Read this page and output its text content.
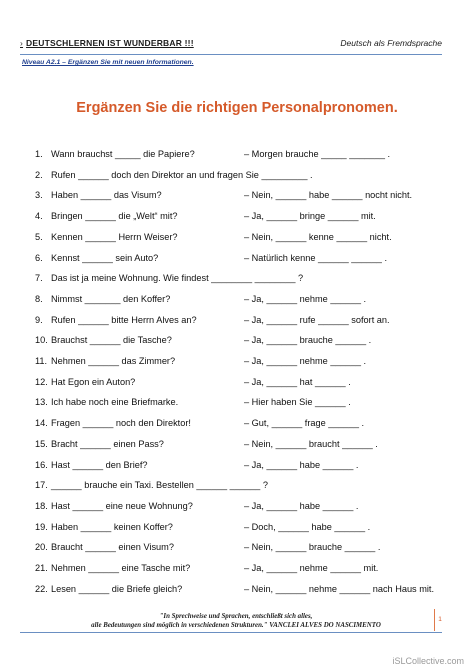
› DEUTSCHLERNEN IST WUNDERBAR !!!	Deutsch als Fremdsprache
Niveau A2.1 – Ergänzen Sie mit neuen Informationen.
Ergänzen Sie die richtigen Personalpronomen.
1. Wann brauchst _____ die Papiere?	– Morgen brauche _____ _______ .
2. Rufen ______ doch den Direktor an und fragen Sie _________ .
3. Haben ______ das Visum?	– Nein, ______ habe ______ nocht nicht.
4. Bringen ______ die „Welt“ mit?	– Ja, ______ bringe ______ mit.
5. Kennen ______ Herrn Weiser?	– Nein, ______ kenne ______ nicht.
6. Kennst ______ sein Auto?	– Natürlich kenne ______ ______ .
7. Das ist ja meine Wohnung. Wie findest ________ ________ ?
8. Nimmst _______ den Koffer?	– Ja, ______ nehme ______ .
9. Rufen ______ bitte Herrn Alves an?	– Ja, ______ rufe ______ sofort an.
10. Brauchst ______ die Tasche?	– Ja, ______ brauche ______ .
11. Nehmen ______ das Zimmer?	– Ja, ______ nehme ______ .
12. Hat Egon ein Auton?	– Ja, ______ hat ______ .
13. Ich habe noch eine Briefmarke.	– Hier haben Sie ______ .
14. Fragen ______ noch den Direktor!	– Gut, ______ frage ______ .
15. Bracht ______ einen Pass?	– Nein, ______ braucht ______ .
16. Hast ______ den Brief?	– Ja, ______ habe ______ .
17. ______ brauche ein Taxi. Bestellen ______ ______ ?
18. Hast ______ eine neue Wohnung?	– Ja, ______ habe ______ .
19. Haben ______ keinen Koffer?	– Doch, ______ habe ______ .
20. Braucht ______ einen Visum?	– Nein, ______ brauche ______ .
21. Nehmen ______ eine Tasche mit?	– Ja, ______ nehme ______ mit.
22. Lesen ______ die Briefe gleich?	– Nein, ______ nehme ______ nach Haus mit.
"In Sprechweise und Sprachen, entschließt sich alles,
alle Bedeutungen sind möglich in verschiedenen Strukturen." VANCLEI ALVES DO NASCIMENTO
1
iSLCollective.com
